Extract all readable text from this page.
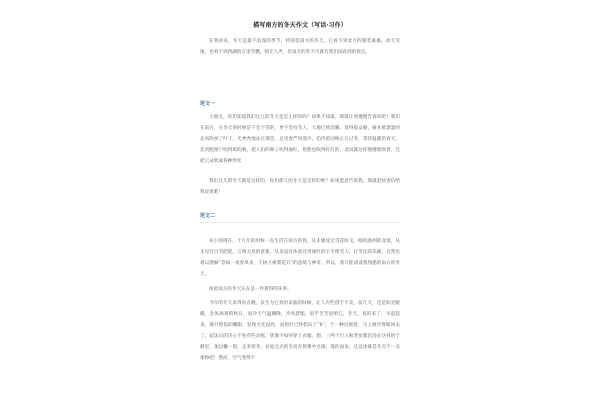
描写南方的冬天作文（写话·习作）

在我看来，冬天是最不浪漫的季节，特别是南方的冬天，它看不到北方的银装素裹、冰天雪地，也看不到西湖的万里雪飘，悄无人声，但南方的冬天可就有我们没看到的忧点。

范文一

小朋友，你们知道我们这儿的冬天是怎么样的吗？如果不知道，那就让我慢慢告诉你吧！我们在南方，在冬天的时候是不会下雪的，更不会有雪人，大地已经沉睡，显得很安静，树木被萧瑟的北风吹掉了叶子，光秃秃地站在那里，总受着严风寒冷，怕冷的动物正在过冬，等待温暖的春天。北风肥窗户吹得呜呜响，把人们的鼻子吹得通红，把脸也吹得红红的，北风就这样慢慢地吹着，还把云朵吹成各种形状

我们这儿的冬天就是这样的，你们那儿的冬天是怎样的呢？如果愿意告诉我，那就赶快寄信给我说说吧！

范文二

从小到现在，十几年的时候一直生活在南方的我，从未感受过雪花纷飞，刚风凛冽的北境，从未见过白雪皑皑，万物无息的景象，从来没有体验过用通红的小手堆雪人，打雪仗的乐趣，自然也难以理解“忽如一夜春风来，千树万树梨花开”的意境与神奇。所以，我只能谈谈我熟悉的南方的冬天。

体验南方的冬天实在是一件难得的乐事。

今年的冬天来得有点晚，以至为它真的来临的时候，让人有些措手不及，前几天，还是阳光暖暖，金风飒爽的秋日，而冷天气温骤降，冷风瑟缩，似乎苦苦说明它，冬天，真的来了，早起起来，静开惺忪的睡眼，发现天还没亮，而指针已经指向了“6”，于一种出被窝，马上被冷得缩回去了。起床后的决心不免有些动摇，犹豫不如何穿上衣服，想，三两个行人和老屋都沉浸在这样的宁静里，加以懒一般，走来寒冬，居屋点点的光亮在晨雾中点缀，蓬约而来，还以冰暮是冬点不一点柔和吧！然而，空气变得不
